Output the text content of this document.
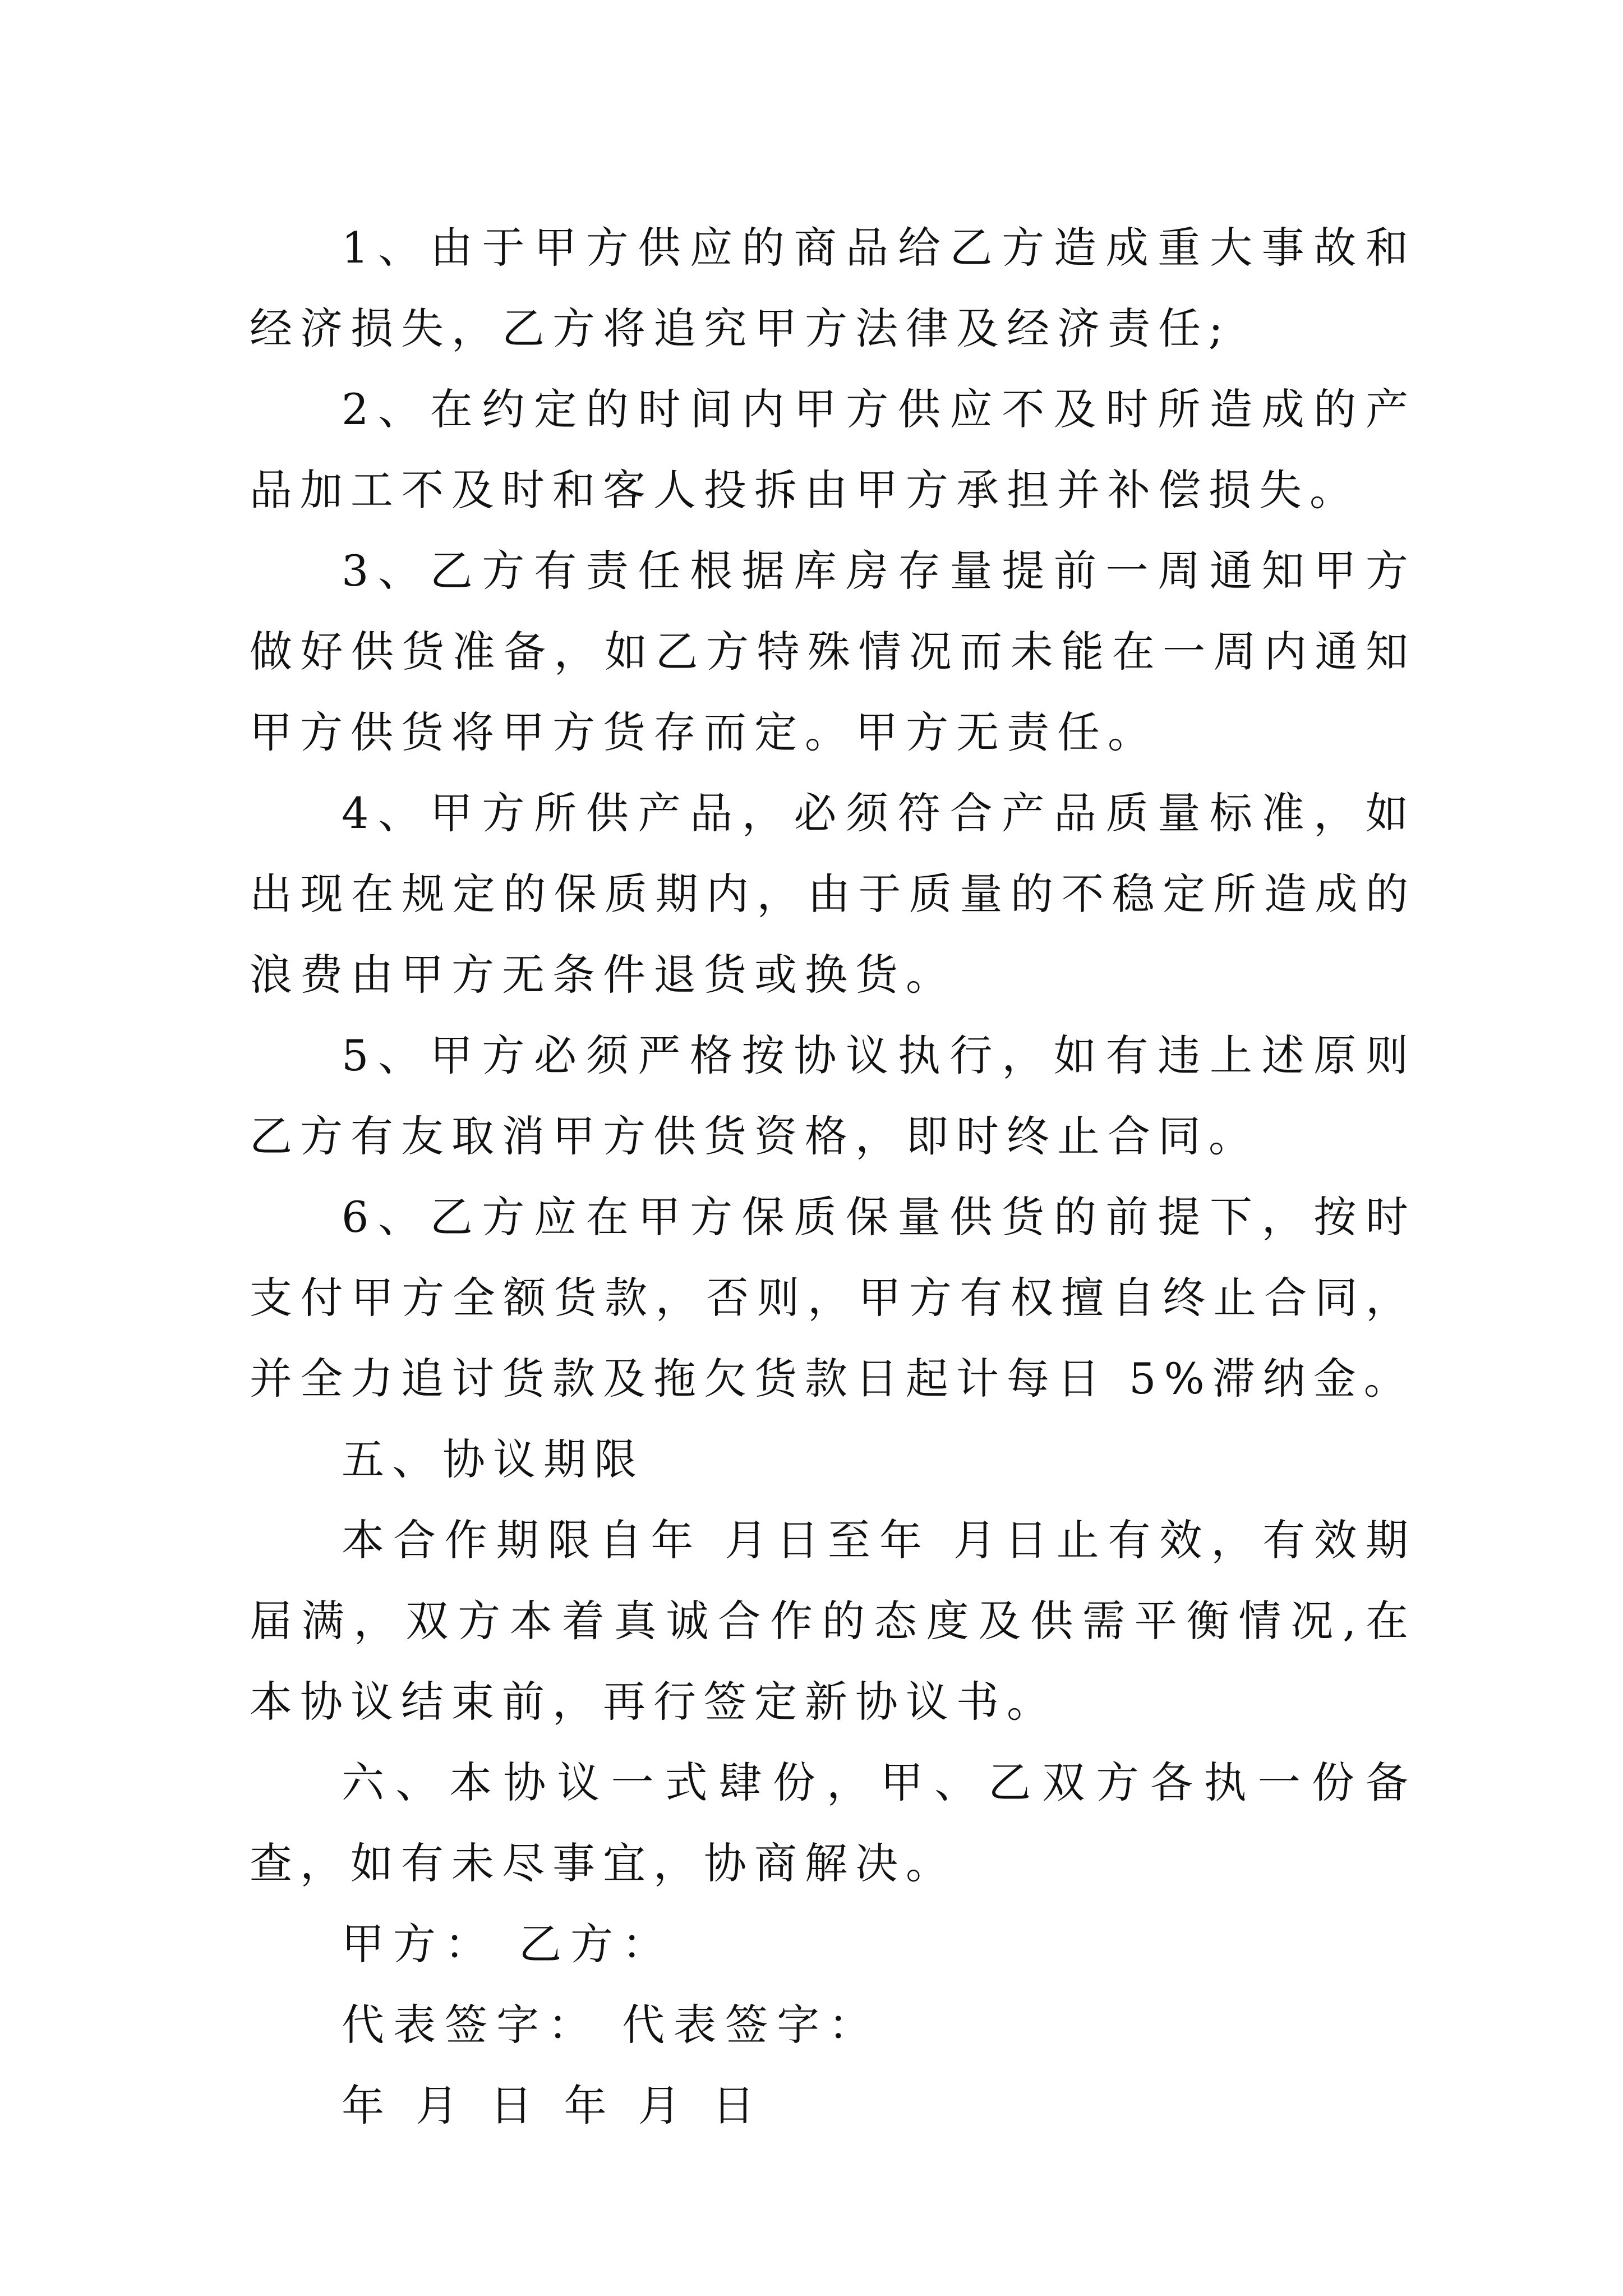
1、由于甲方供应的商品给乙方造成重大事故和经济损失，乙方将追究甲方法律及经济责任;

2、在约定的时间内甲方供应不及时所造成的产品加工不及时和客人投拆由甲方承担并补偿损失。

3、乙方有责任根据库房存量提前一周通知甲方做好供货准备，如乙方特殊情况而未能在一周内通知甲方供货将甲方货存而定。甲方无责任。

4、甲方所供产品，必须符合产品质量标准，如出现在规定的保质期内，由于质量的不稳定所造成的浪费由甲方无条件退货或换货。

5、甲方必须严格按协议执行，如有违上述原则乙方有友取消甲方供货资格，即时终止合同。

6、乙方应在甲方保质保量供货的前提下，按时支付甲方全额货款，否则，甲方有权擅自终止合同，并全力追讨货款及拖欠货款日起计每日 5%滞纳金。

五、协议期限

本合作期限自年 月日至年 月日止有效，有效期届满，双方本着真诚合作的态度及供需平衡情况,在本协议结束前，再行签定新协议书。

六、本协议一式肆份，甲、乙双方各执一份备查，如有未尽事宜，协商解决。

甲方： 乙方：

代表签字： 代表签字：

年 月 日 年 月 日
